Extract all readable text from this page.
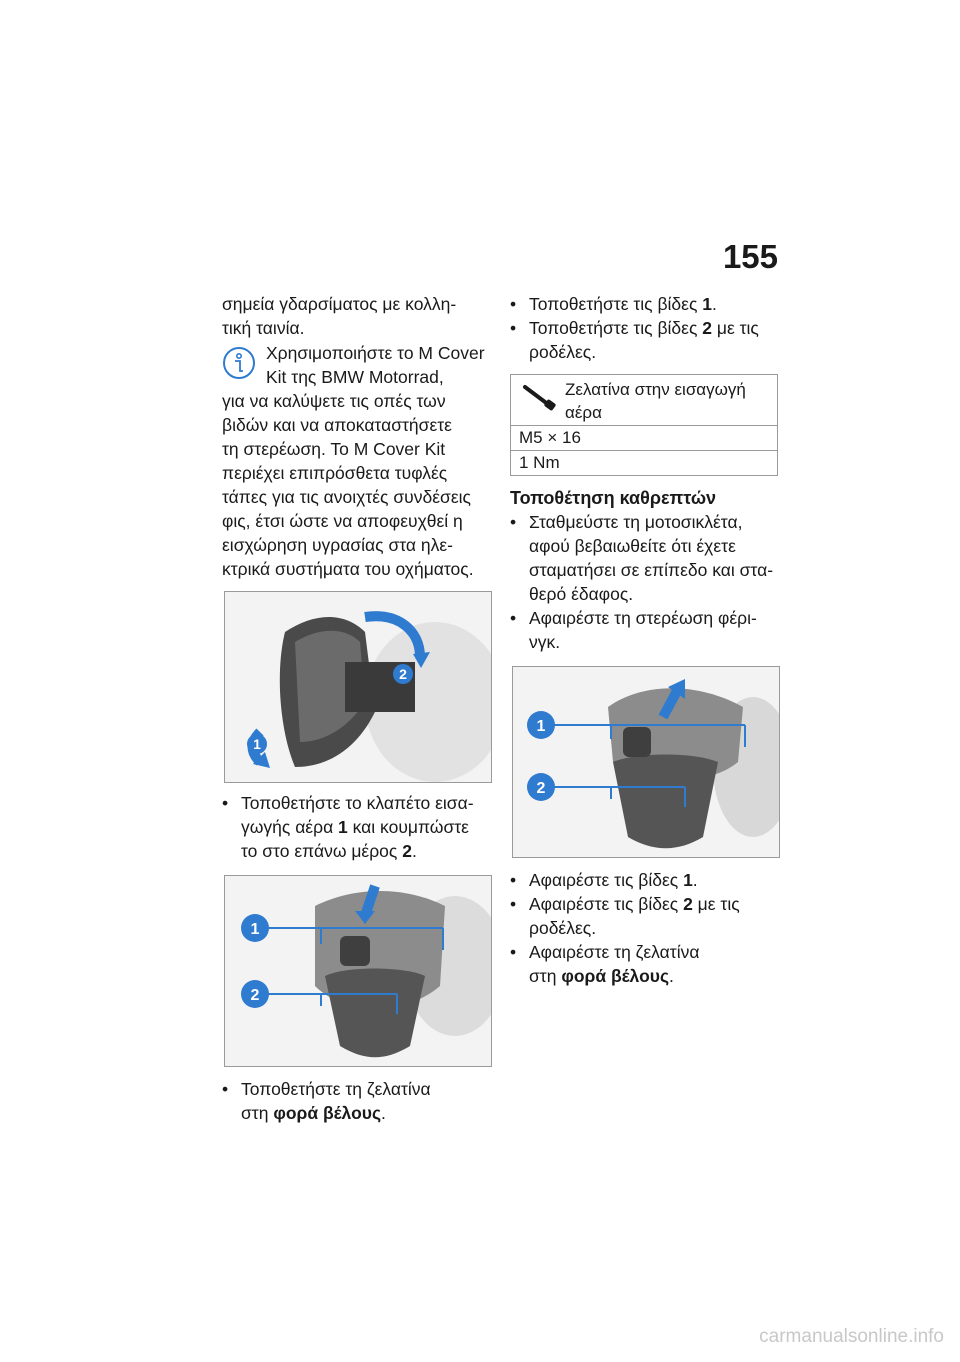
155

σημεία γδαρσίματος με κολλη-

τική ταινία.

Χρησιμοποιήστε το M Cover

Kit της BMW Motorrad,

για να καλύψετε τις οπές των

βιδών και να αποκαταστήσετε

τη στερέωση. Το M Cover Kit

περιέχει επιπρόσθετα τυφλές

τάπες για τις ανοιχτές συνδέσεις

φις, έτσι ώστε να αποφευχθεί η

εισχώρηση υγρασίας στα ηλε-

κτρικά συστήματα του οχήματος.

2
1

• Τοποθετήστε το κλαπέτο εισα-

γωγής αέρα 1 και κουμπώστε

το στο επάνω μέρος 2.

1
2

• Τοποθετήστε τη ζελατίνα

στη φορά βέλους.

• Τοποθετήστε τις βίδες 1.

• Τοποθετήστε τις βίδες 2 με τις

ροδέλες.

Ζελατίνα στην εισαγωγή
αέρα

M5 × 16
1 Nm

Τοποθέτηση καθρεπτών

• Σταθμεύστε τη μοτοσικλέτα,

αφού βεβαιωθείτε ότι έχετε

σταματήσει σε επίπεδο και στα-

θερό έδαφος.

• Αφαιρέστε τη στερέωση φέρι-

νγκ.

1
2

• Αφαιρέστε τις βίδες 1.

• Αφαιρέστε τις βίδες 2 με τις

ροδέλες.

• Αφαιρέστε τη ζελατίνα

στη φορά βέλους.

carmanualsonline.info
